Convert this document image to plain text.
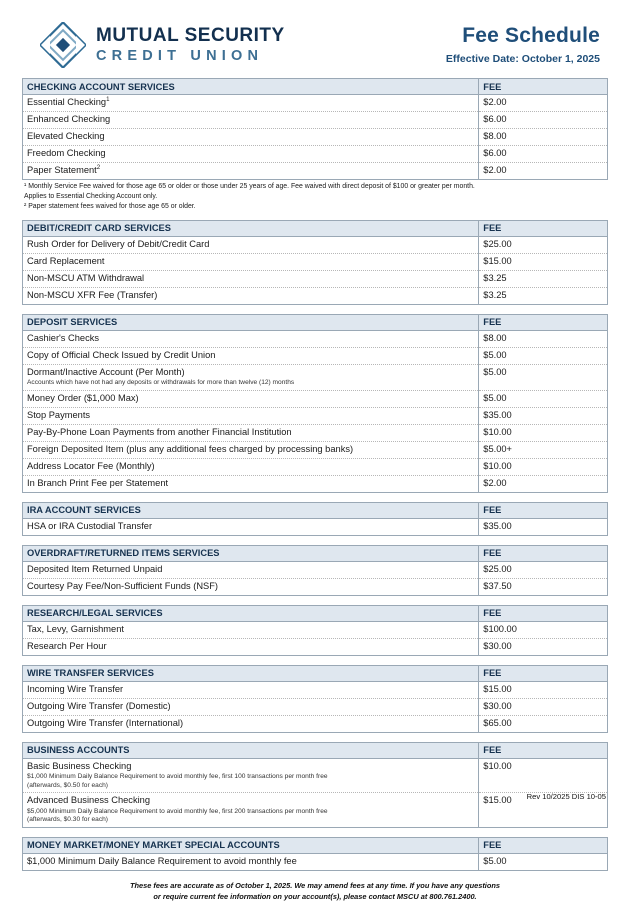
MUTUAL SECURITY
CREDIT UNION
Fee Schedule
Effective Date: October 1, 2025
CHECKING ACCOUNT SERVICES	FEE
Essential Checking$^1$	$2.00
Enhanced Checking	$6.00
Elevated Checking	$8.00
Freedom Checking	$6.00
Paper Statement$^2$	$2.00
¹ Monthly Service Fee waived for those age 65 or older or those under 25 years of age. Fee waived with direct deposit of $100 or greater per month.
Applies to Essential Checking Account only.
² Paper statement fees waived for those age 65 or older.
DEBIT/CREDIT CARD SERVICES	FEE
Rush Order for Delivery of Debit/Credit Card	$25.00
Card Replacement	$15.00
Non-MSCU ATM Withdrawal	$3.25
Non-MSCU XFR Fee (Transfer)	$3.25
DEPOSIT SERVICES	FEE
Cashier's Checks	$8.00
Copy of Official Check Issued by Credit Union	$5.00
Dormant/Inactive Account (Per Month)
Accounts which have not had any deposits or withdrawals for more than twelve (12) months	$5.00
Money Order ($1,000 Max)	$5.00
Stop Payments	$35.00
Pay-By-Phone Loan Payments from another Financial Institution	$10.00
Foreign Deposited Item (plus any additional fees charged by processing banks)	$5.00+
Address Locator Fee (Monthly)	$10.00
In Branch Print Fee per Statement	$2.00
IRA ACCOUNT SERVICES	FEE
HSA or IRA Custodial Transfer	$35.00
OVERDRAFT/RETURNED ITEMS SERVICES	FEE
Deposited Item Returned Unpaid	$25.00
Courtesy Pay Fee/Non-Sufficient Funds (NSF)	$37.50
RESEARCH/LEGAL SERVICES	FEE
Tax, Levy, Garnishment	$100.00
Research Per Hour	$30.00
WIRE TRANSFER SERVICES	FEE
Incoming Wire Transfer	$15.00
Outgoing Wire Transfer (Domestic)	$30.00
Outgoing Wire Transfer (International)	$65.00
BUSINESS ACCOUNTS	FEE
Basic Business Checking
$1,000 Minimum Daily Balance Requirement to avoid monthly fee, first 100 transactions per month free
(afterwards, $0.50 for each)	$10.00
Advanced Business Checking
$5,000 Minimum Daily Balance Requirement to avoid monthly fee, first 200 transactions per month free
(afterwards, $0.30 for each)	$15.00
MONEY MARKET/MONEY MARKET SPECIAL ACCOUNTS	FEE
$1,000 Minimum Daily Balance Requirement to avoid monthly fee	$5.00
These fees are accurate as of October 1, 2025. We may amend fees at any time. If you have any questions
or require current fee information on your account(s), please contact MSCU at 800.761.2400.
Rev 10/2025 DIS 10-05
